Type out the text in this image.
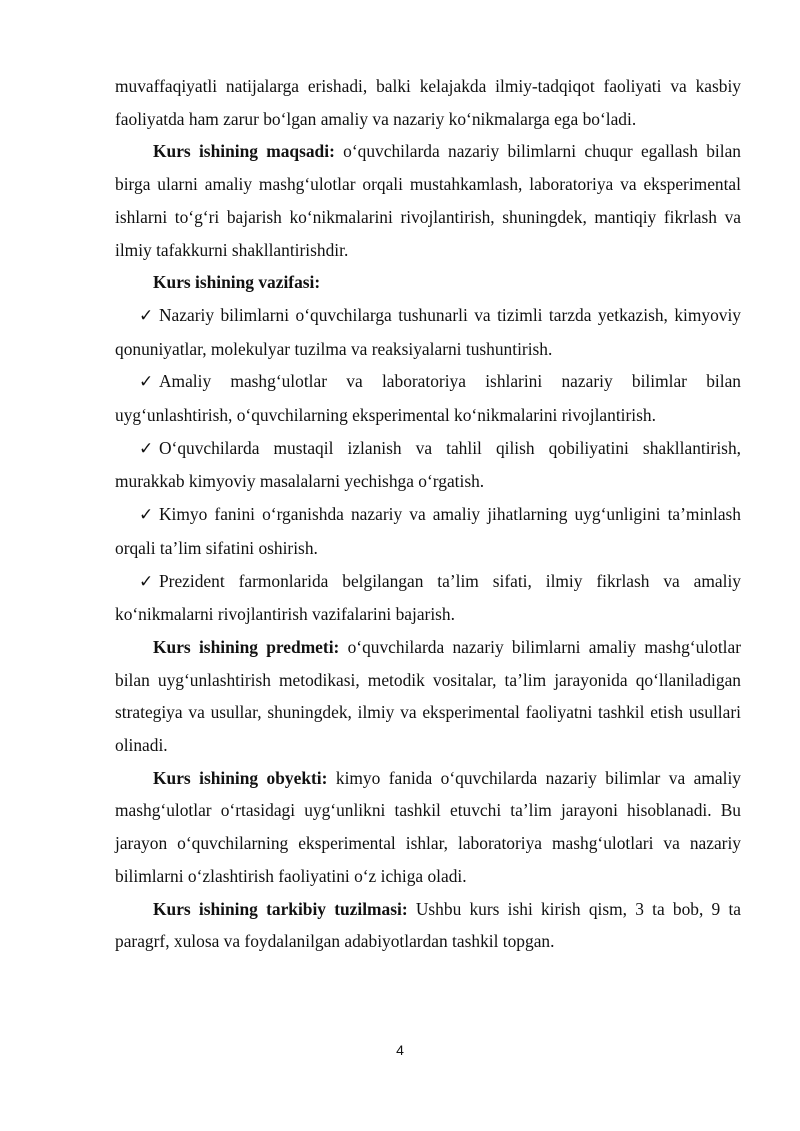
muvaffaqiyatli natijalarga erishadi, balki kelajakda ilmiy-tadqiqot faoliyati va kasbiy faoliyatda ham zarur bo‘lgan amaliy va nazariy ko‘nikmalarga ega bo‘ladi.

Kurs ishining maqsadi: o‘quvchilarda nazariy bilimlarni chuqur egallash bilan birga ularni amaliy mashg‘ulotlar orqali mustahkamlash, laboratoriya va eksperimental ishlarni to‘g‘ri bajarish ko‘nikmalarini rivojlantirish, shuningdek, mantiqiy fikrlash va ilmiy tafakkurni shakllantirishdir.

Kurs ishining vazifasi:

✓ Nazariy bilimlarni o‘quvchilarga tushunarli va tizimli tarzda yetkazish, kimyoviy qonuniyatlar, molekulyar tuzilma va reaksiyalarni tushuntirish.

✓ Amaliy mashg‘ulotlar va laboratoriya ishlarini nazariy bilimlar bilan uyg‘unlashtirish, o‘quvchilarning eksperimental ko‘nikmalarini rivojlantirish.

✓ O‘quvchilarda mustaqil izlanish va tahlil qilish qobiliyatini shakllantirish, murakkab kimyoviy masalalarni yechishga o‘rgatish.

✓ Kimyo fanini o‘rganishda nazariy va amaliy jihatlarning uyg‘unligini ta’minlash orqali ta’lim sifatini oshirish.

✓ Prezident farmonlarida belgilangan ta’lim sifati, ilmiy fikrlash va amaliy ko‘nikmalarni rivojlantirish vazifalarini bajarish.

Kurs ishining predmeti: o‘quvchilarda nazariy bilimlarni amaliy mashg‘ulotlar bilan uyg‘unlashtirish metodikasi, metodik vositalar, ta’lim jarayonida qo‘llaniladigan strategiya va usullar, shuningdek, ilmiy va eksperimental faoliyatni tashkil etish usullari olinadi.

Kurs ishining obyekti: kimyo fanida o‘quvchilarda nazariy bilimlar va amaliy mashg‘ulotlar o‘rtasidagi uyg‘unlikni tashkil etuvchi ta’lim jarayoni hisoblanadi. Bu jarayon o‘quvchilarning eksperimental ishlar, laboratoriya mashg‘ulotlari va nazariy bilimlarni o‘zlashtirish faoliyatini o‘z ichiga oladi.

Kurs ishining tarkibiy tuzilmasi: Ushbu kurs ishi kirish qism, 3 ta bob, 9 ta paragrf, xulosa va foydalanilgan adabiyotlardan tashkil topgan.

4
